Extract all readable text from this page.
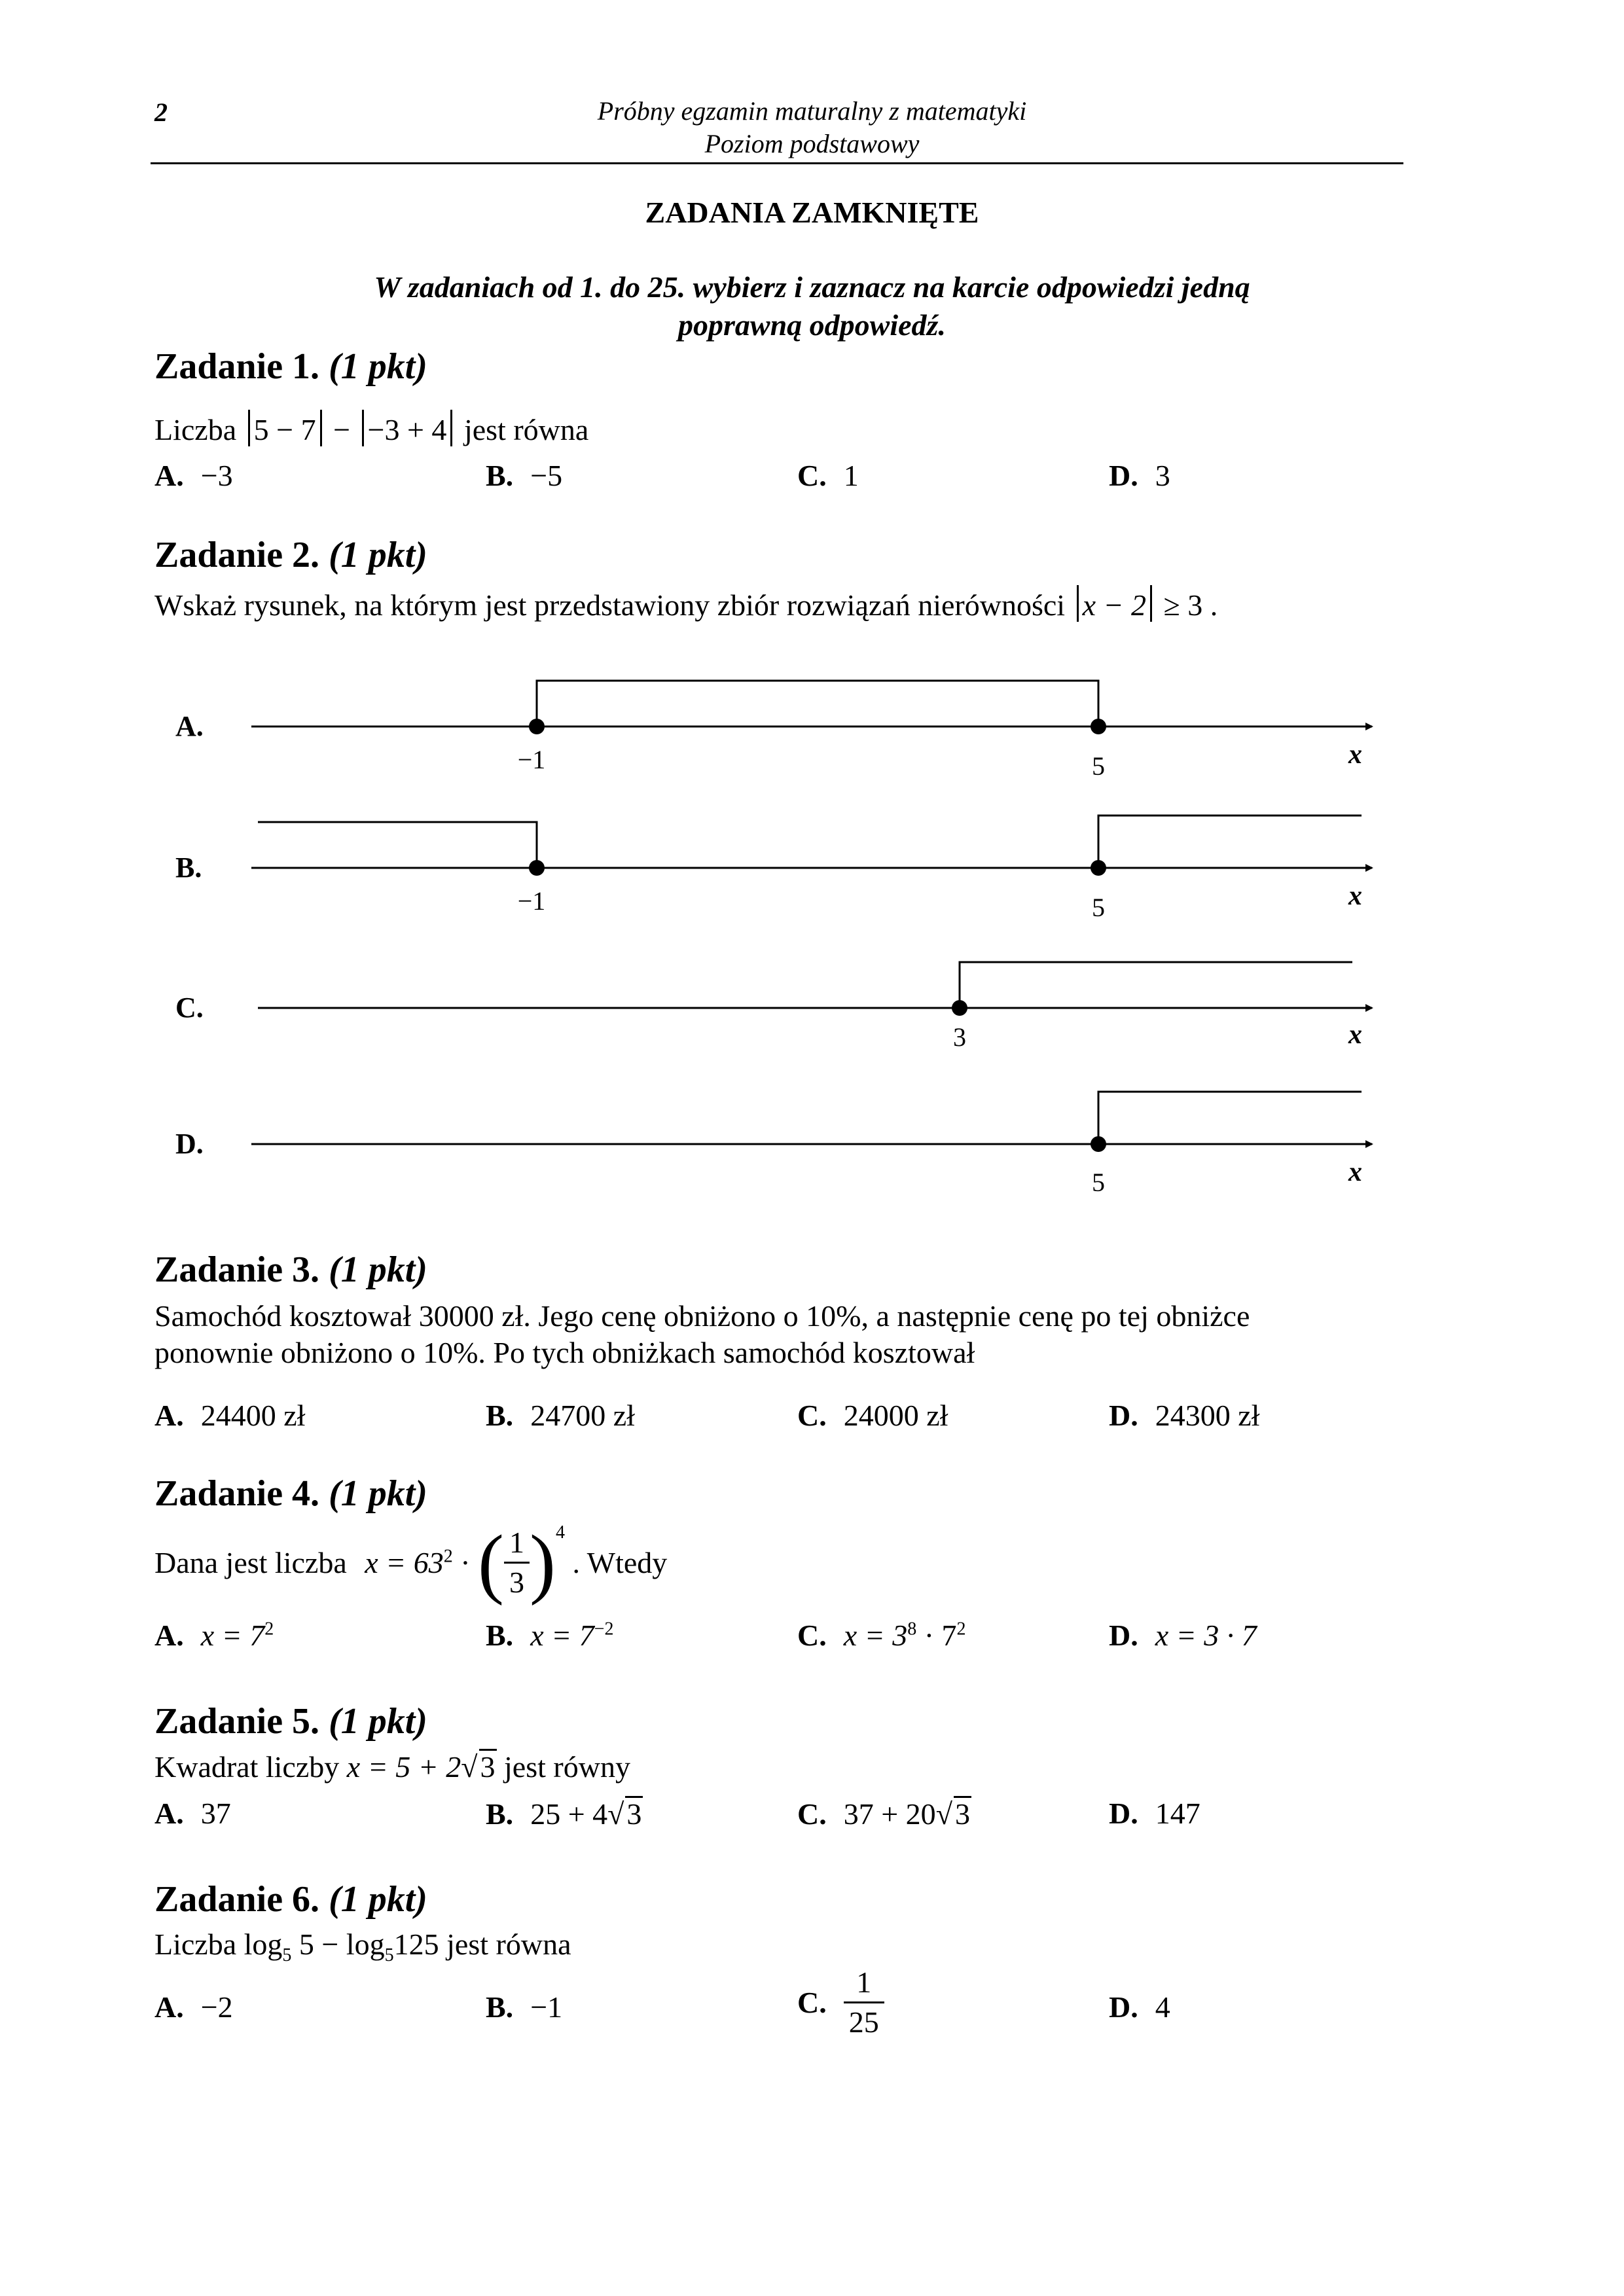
2	Próbny egzamin maturalny z matematyki
Poziom podstawowy
ZADANIA ZAMKNIĘTE
W zadaniach od 1. do 25. wybierz i zaznacz na karcie odpowiedzi jedną
poprawną odpowiedź.
Zadanie 1. (1 pkt)
Liczba 5 − 7 − −3 + 4 jest równa
A. −3	B. −5	C. 1	D. 3
Zadanie 2. (1 pkt)
Wskaż rysunek, na którym jest przedstawiony zbiór rozwiązań nierówności x − 2 ≥ 3 .
A.
−1	5	x
B.
−1	5	x
C.
3	x
D.
5	x
Zadanie 3. (1 pkt)
Samochód kosztował 30000 zł. Jego cenę obniżono o 10%, a następnie cenę po tej obniżce
ponownie obniżono o 10%. Po tych obniżkach samochód kosztował
A. 24400 zł	B. 24700 zł	C. 24000 zł	D. 24300 zł
Zadanie 4. (1 pkt)
Dana jest liczba $x = 63^2$ · ( $\frac{1}{3} )^4$ . Wtedy
A. $x = 7^2$	B. $x = 7^{-2}$	C. $x = 3^8 \cdot 7^2$	D. x = 3 · 7
Zadanie 5. (1 pkt)
Kwadrat liczby x = 5 + 2√3 jest równy
A. 37	B. 25 + 4√3	C. 37 + 20√3	D. 147
Zadanie 6. (1 pkt)
Liczba $\log_5 5 - \log_5125$ jest równa
A. −2	B. −1	C. $\frac{1}{25}$	D. 4
